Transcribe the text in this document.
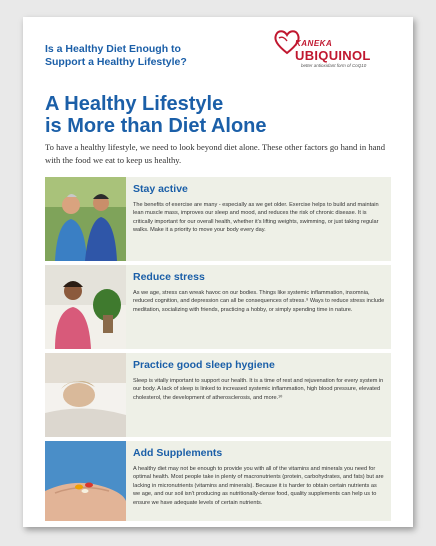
Is a Healthy Diet Enough to
Support a Healthy Lifestyle?
KANEKA
UBIQUINOL
better antioxidant form of CoQ10
A Healthy Lifestyle
is More than Diet Alone
To have a healthy lifestyle, we need to look beyond diet alone. These other factors go hand in hand with the food we eat to keep us healthy.
Stay active

The benefits of exercise are many - especially as we get older. Exercise helps to build and maintain lean muscle mass, improves our sleep and mood, and reduces the risk of chronic disease. It is critically important for our overall health, whether it's lifting weights, swimming, or just taking regular walks. Make it a priority to move your body every day.

Reduce stress

As we age, stress can wreak havoc on our bodies. Things like systemic inflammation, insomnia, reduced cognition, and depression can all be consequences of stress.⁹ Ways to reduce stress include meditation, socializing with friends, practicing a hobby, or simply spending time in nature.

Practice good sleep hygiene

Sleep is vitally important to support our health. It is a time of rest and rejuvenation for every system in our body. A lack of sleep is linked to increased systemic inflammation, high blood pressure, elevated cholesterol, the development of atherosclerosis, and more.¹⁰

Add Supplements

A healthy diet may not be enough to provide you with all of the vitamins and minerals you need for optimal health. Most people take in plenty of macronutrients (protein, carbohydrates, and fats) but are lacking in micronutrients (vitamins and minerals). Because it is harder to obtain certain nutrients as we age, and our soil isn't producing as nutritionally-dense food, quality supplements can help us to ensure we have adequate levels of certain nutrients.
